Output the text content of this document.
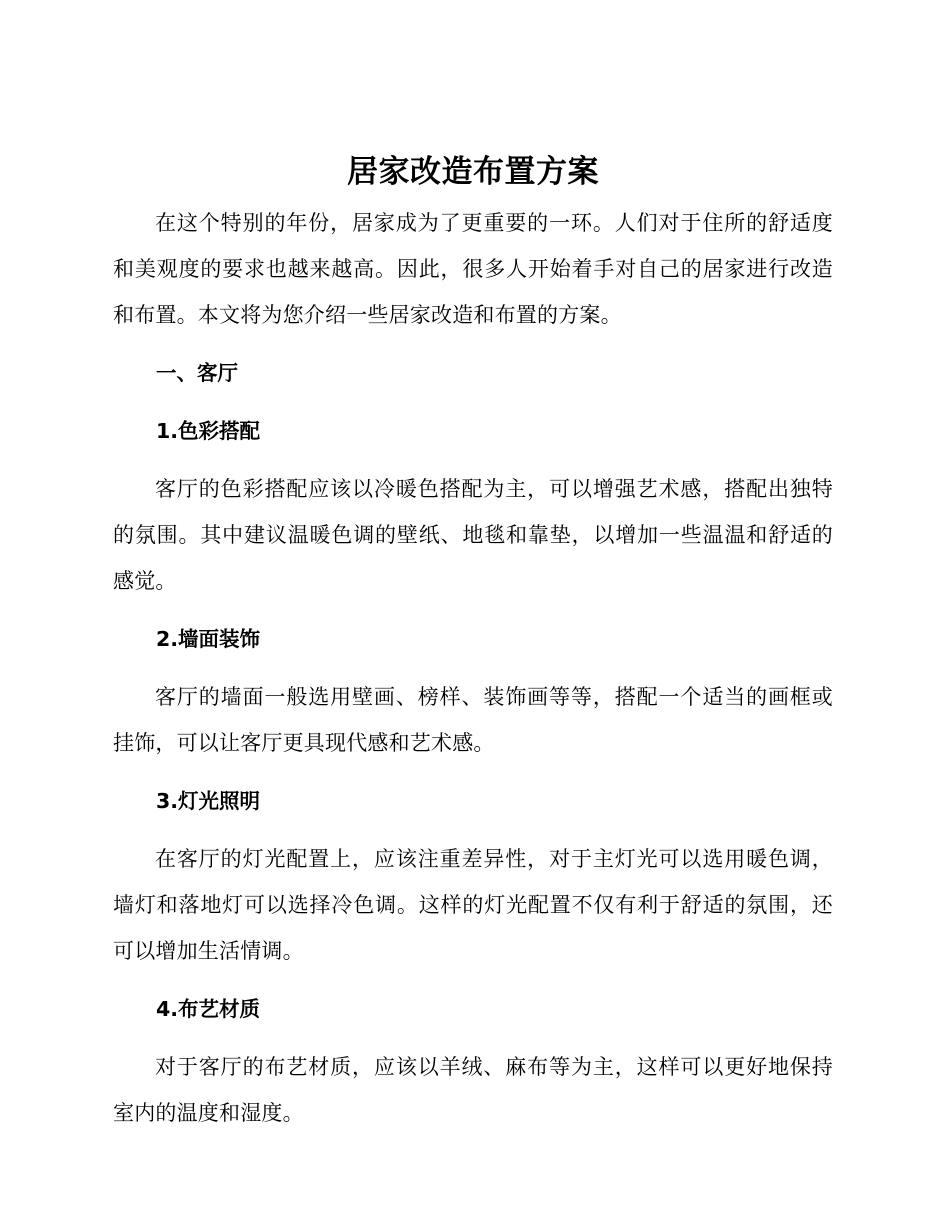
居家改造布置方案

在这个特别的年份，居家成为了更重要的一环。人们对于住所的舒适度和美观度的要求也越来越高。因此，很多人开始着手对自己的居家进行改造和布置。本文将为您介绍一些居家改造和布置的方案。

一、客厅

1.色彩搭配

客厅的色彩搭配应该以冷暖色搭配为主，可以增强艺术感，搭配出独特的氛围。其中建议温暖色调的壁纸、地毯和靠垫，以增加一些温温和舒适的感觉。

2.墙面装饰

客厅的墙面一般选用壁画、榜样、装饰画等等，搭配一个适当的画框或挂饰，可以让客厅更具现代感和艺术感。

3.灯光照明

在客厅的灯光配置上，应该注重差异性，对于主灯光可以选用暖色调，墙灯和落地灯可以选择冷色调。这样的灯光配置不仅有利于舒适的氛围，还可以增加生活情调。

4.布艺材质

对于客厅的布艺材质，应该以羊绒、麻布等为主，这样可以更好地保持室内的温度和湿度。
